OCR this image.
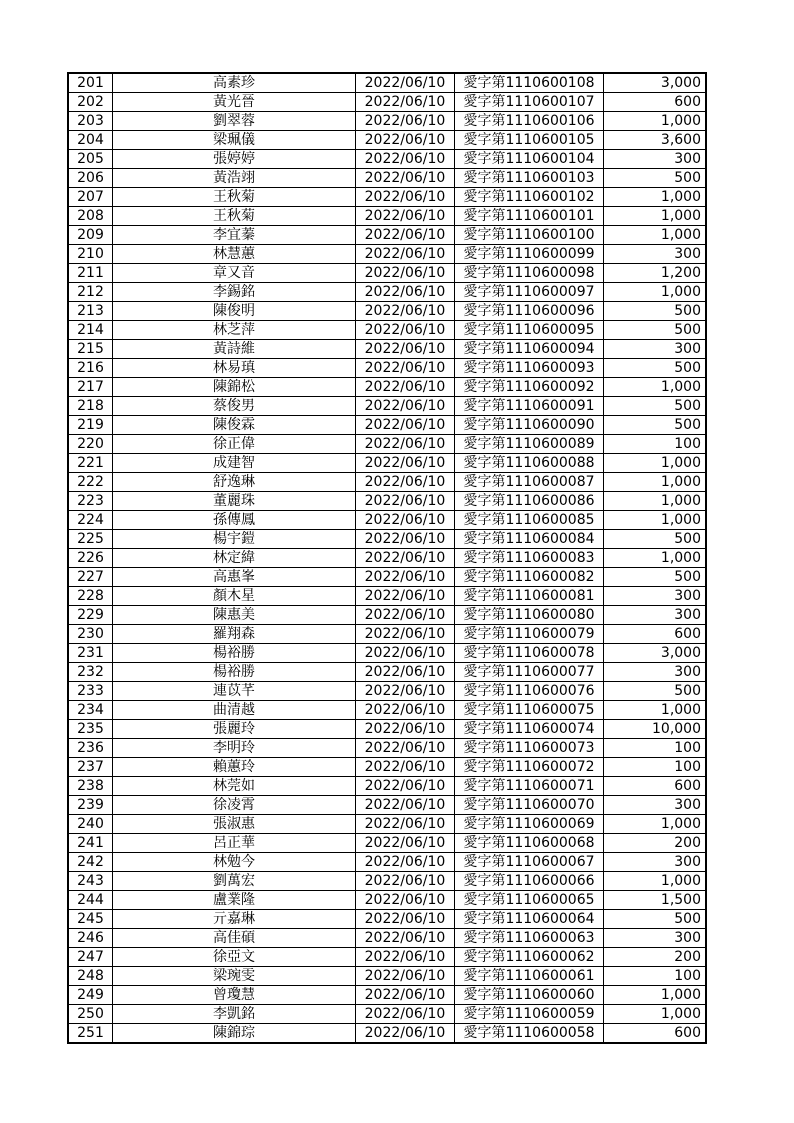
201	高素珍	2022/06/10	愛字第1110600108	3,000
202	黃光晉	2022/06/10	愛字第1110600107	600
203	劉翠蓉	2022/06/10	愛字第1110600106	1,000
204	梁珮儀	2022/06/10	愛字第1110600105	3,600
205	張婷婷	2022/06/10	愛字第1110600104	300
206	黃浩翊	2022/06/10	愛字第1110600103	500
207	王秋菊	2022/06/10	愛字第1110600102	1,000
208	王秋菊	2022/06/10	愛字第1110600101	1,000
209	李宜蓁	2022/06/10	愛字第1110600100	1,000
210	林慧蕙	2022/06/10	愛字第1110600099	300
211	章又音	2022/06/10	愛字第1110600098	1,200
212	李錫銘	2022/06/10	愛字第1110600097	1,000
213	陳俊明	2022/06/10	愛字第1110600096	500
214	林芝萍	2022/06/10	愛字第1110600095	500
215	黃詩維	2022/06/10	愛字第1110600094	300
216	林易瑱	2022/06/10	愛字第1110600093	500
217	陳錦松	2022/06/10	愛字第1110600092	1,000
218	蔡俊男	2022/06/10	愛字第1110600091	500
219	陳俊霖	2022/06/10	愛字第1110600090	500
220	徐正偉	2022/06/10	愛字第1110600089	100
221	成建智	2022/06/10	愛字第1110600088	1,000
222	舒逸琳	2022/06/10	愛字第1110600087	1,000
223	董麗珠	2022/06/10	愛字第1110600086	1,000
224	孫傳鳳	2022/06/10	愛字第1110600085	1,000
225	楊宇鎧	2022/06/10	愛字第1110600084	500
226	林定緯	2022/06/10	愛字第1110600083	1,000
227	高惠峯	2022/06/10	愛字第1110600082	500
228	顏木星	2022/06/10	愛字第1110600081	300
229	陳惠美	2022/06/10	愛字第1110600080	300
230	羅翔森	2022/06/10	愛字第1110600079	600
231	楊裕勝	2022/06/10	愛字第1110600078	3,000
232	楊裕勝	2022/06/10	愛字第1110600077	300
233	連苡芊	2022/06/10	愛字第1110600076	500
234	曲清越	2022/06/10	愛字第1110600075	1,000
235	張麗玲	2022/06/10	愛字第1110600074	10,000
236	李明玲	2022/06/10	愛字第1110600073	100
237	賴蕙玲	2022/06/10	愛字第1110600072	100
238	林莞如	2022/06/10	愛字第1110600071	600
239	徐凌霄	2022/06/10	愛字第1110600070	300
240	張淑惠	2022/06/10	愛字第1110600069	1,000
241	呂正華	2022/06/10	愛字第1110600068	200
242	林勉今	2022/06/10	愛字第1110600067	300
243	劉萬宏	2022/06/10	愛字第1110600066	1,000
244	盧業隆	2022/06/10	愛字第1110600065	1,500
245	亓嘉琳	2022/06/10	愛字第1110600064	500
246	高佳碩	2022/06/10	愛字第1110600063	300
247	徐亞文	2022/06/10	愛字第1110600062	200
248	梁琬雯	2022/06/10	愛字第1110600061	100
249	曾瓊慧	2022/06/10	愛字第1110600060	1,000
250	李凱銘	2022/06/10	愛字第1110600059	1,000
251	陳錦琮	2022/06/10	愛字第1110600058	600
